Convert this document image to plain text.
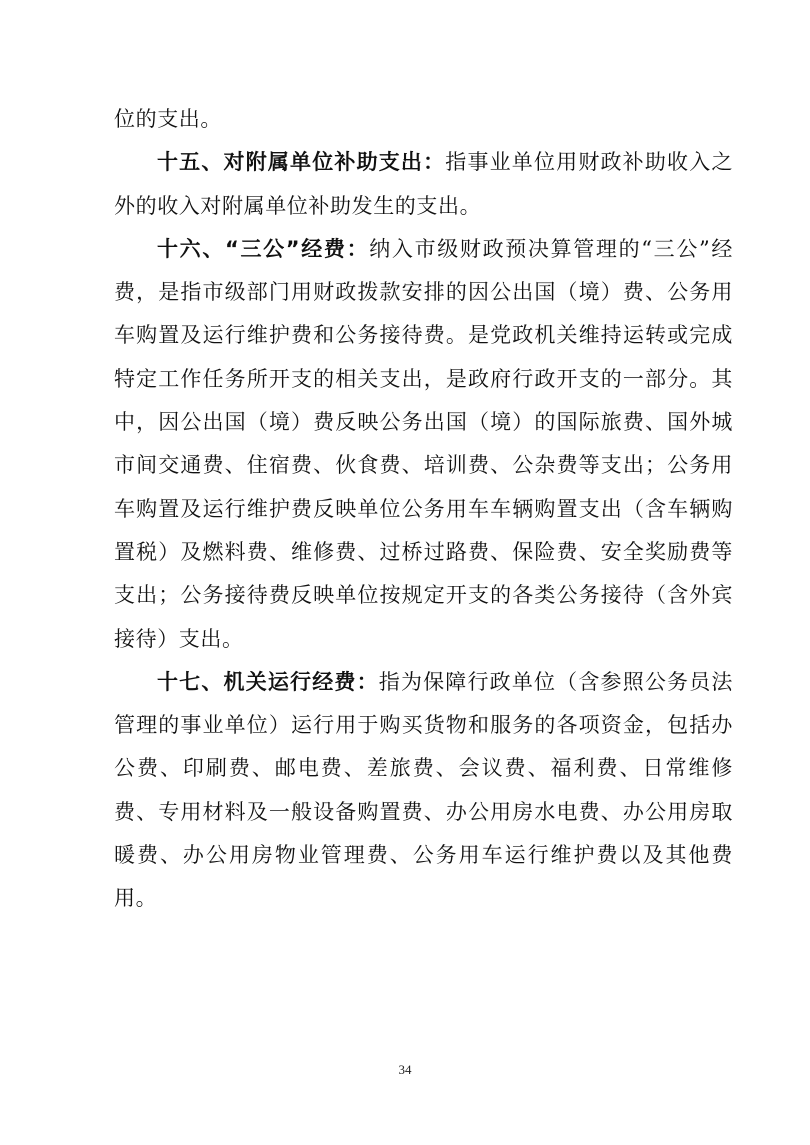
位的支出。

十五、对附属单位补助支出：指事业单位用财政补助收入之外的收入对附属单位补助发生的支出。

十六、“三公”经费：纳入市级财政预决算管理的“三公”经费，是指市级部门用财政拨款安排的因公出国（境）费、公务用车购置及运行维护费和公务接待费。是党政机关维持运转或完成特定工作任务所开支的相关支出，是政府行政开支的一部分。其中，因公出国（境）费反映公务出国（境）的国际旅费、国外城市间交通费、住宿费、伙食费、培训费、公杂费等支出；公务用车购置及运行维护费反映单位公务用车车辆购置支出（含车辆购置税）及燃料费、维修费、过桥过路费、保险费、安全奖励费等支出；公务接待费反映单位按规定开支的各类公务接待（含外宾接待）支出。

十七、机关运行经费：指为保障行政单位（含参照公务员法管理的事业单位）运行用于购买货物和服务的各项资金，包括办公费、印刷费、邮电费、差旅费、会议费、福利费、日常维修费、专用材料及一般设备购置费、办公用房水电费、办公用房取暖费、办公用房物业管理费、公务用车运行维护费以及其他费用。

34
